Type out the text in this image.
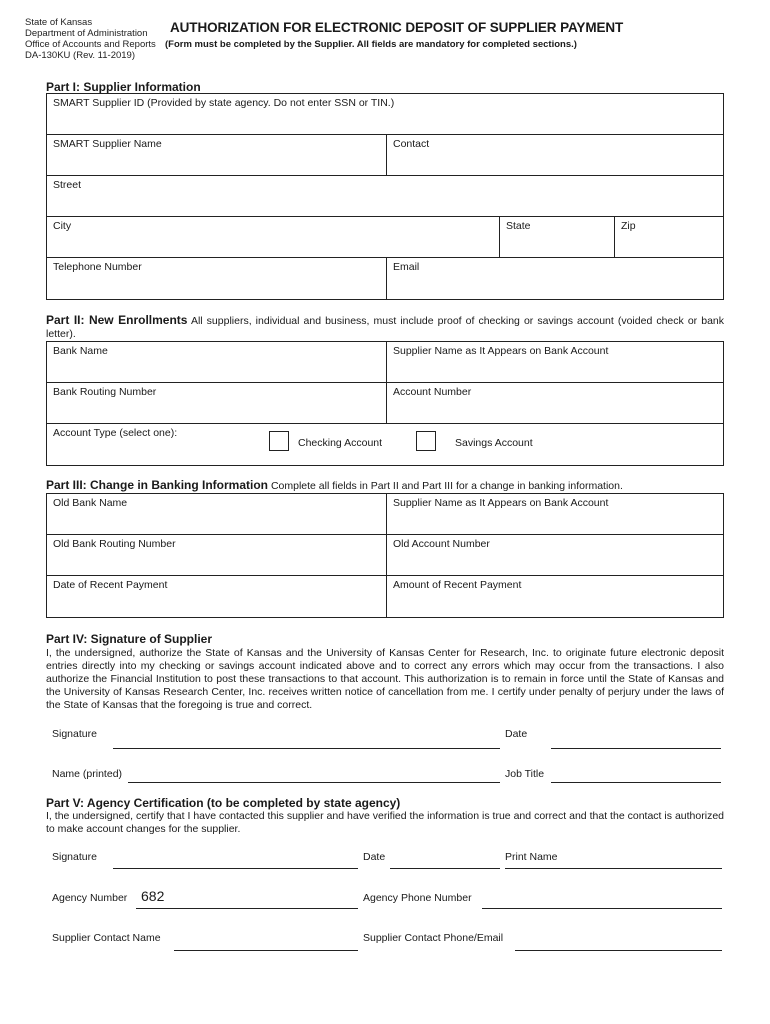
State of Kansas
Department of Administration
Office of Accounts and Reports
DA-130KU (Rev. 11-2019)
AUTHORIZATION FOR ELECTRONIC DEPOSIT OF SUPPLIER PAYMENT
(Form must be completed by the Supplier. All fields are mandatory for completed sections.)
Part I: Supplier Information
SMART Supplier ID (Provided by state agency. Do not enter SSN or TIN.)
SMART Supplier Name	Contact
Street
City	State	Zip
Telephone Number	Email
Part II: New Enrollments All suppliers, individual and business, must include proof of checking or savings account (voided check or bank letter).
Bank Name	Supplier Name as It Appears on Bank Account
Bank Routing Number	Account Number
Account Type (select one):
Checking Account	Savings Account
Part III: Change in Banking Information Complete all fields in Part II and Part III for a change in banking information.
Old Bank Name	Supplier Name as It Appears on Bank Account
Old Bank Routing Number	Old Account Number
Date of Recent Payment	Amount of Recent Payment
Part IV: Signature of Supplier
I, the undersigned, authorize the State of Kansas and the University of Kansas Center for Research, Inc. to originate future electronic deposit entries directly into my checking or savings account indicated above and to correct any errors which may occur from the transactions. I also authorize the Financial Institution to post these transactions to that account. This authorization is to remain in force until the State of Kansas and the University of Kansas Research Center, Inc. receives written notice of cancellation from me. I certify under penalty of perjury under the laws of the State of Kansas that the foregoing is true and correct.
Signature	Date
Name (printed)	Job Title
Part V: Agency Certification (to be completed by state agency)
I, the undersigned, certify that I have contacted this supplier and have verified the information is true and correct and that the contact is authorized to make account changes for the supplier.
Signature	Date	Print Name
Agency Number 682	Agency Phone Number
Supplier Contact Name	Supplier Contact Phone/Email
